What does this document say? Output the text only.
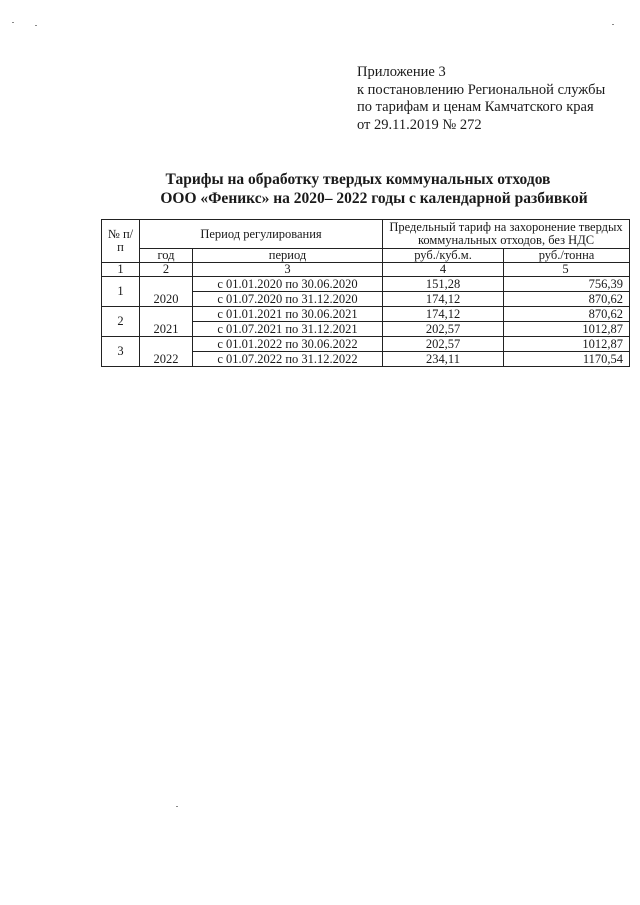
Приложение 3
к постановлению Региональной службы
по тарифам и ценам Камчатского края
от 29.11.2019 № 272
Тарифы на обработку твердых коммунальных отходов
ООО «Феникс» на 2020– 2022 годы с календарной разбивкой
№ п/п	Период регулирования		Предельный тариф на захоронение твердых коммунальных отходов, без НДС	
	год	период	руб./куб.м.	руб./тонна
1	2	3	4	5
1	2020	с 01.01.2020 по 30.06.2020	151,28	756,39
		с 01.07.2020 по 31.12.2020	174,12	870,62
2	2021	с 01.01.2021 по 30.06.2021	174,12	870,62
		с 01.07.2021 по 31.12.2021	202,57	1012,87
3	2022	с 01.01.2022 по 30.06.2022	202,57	1012,87
		с 01.07.2022 по 31.12.2022	234,11	1170,54
